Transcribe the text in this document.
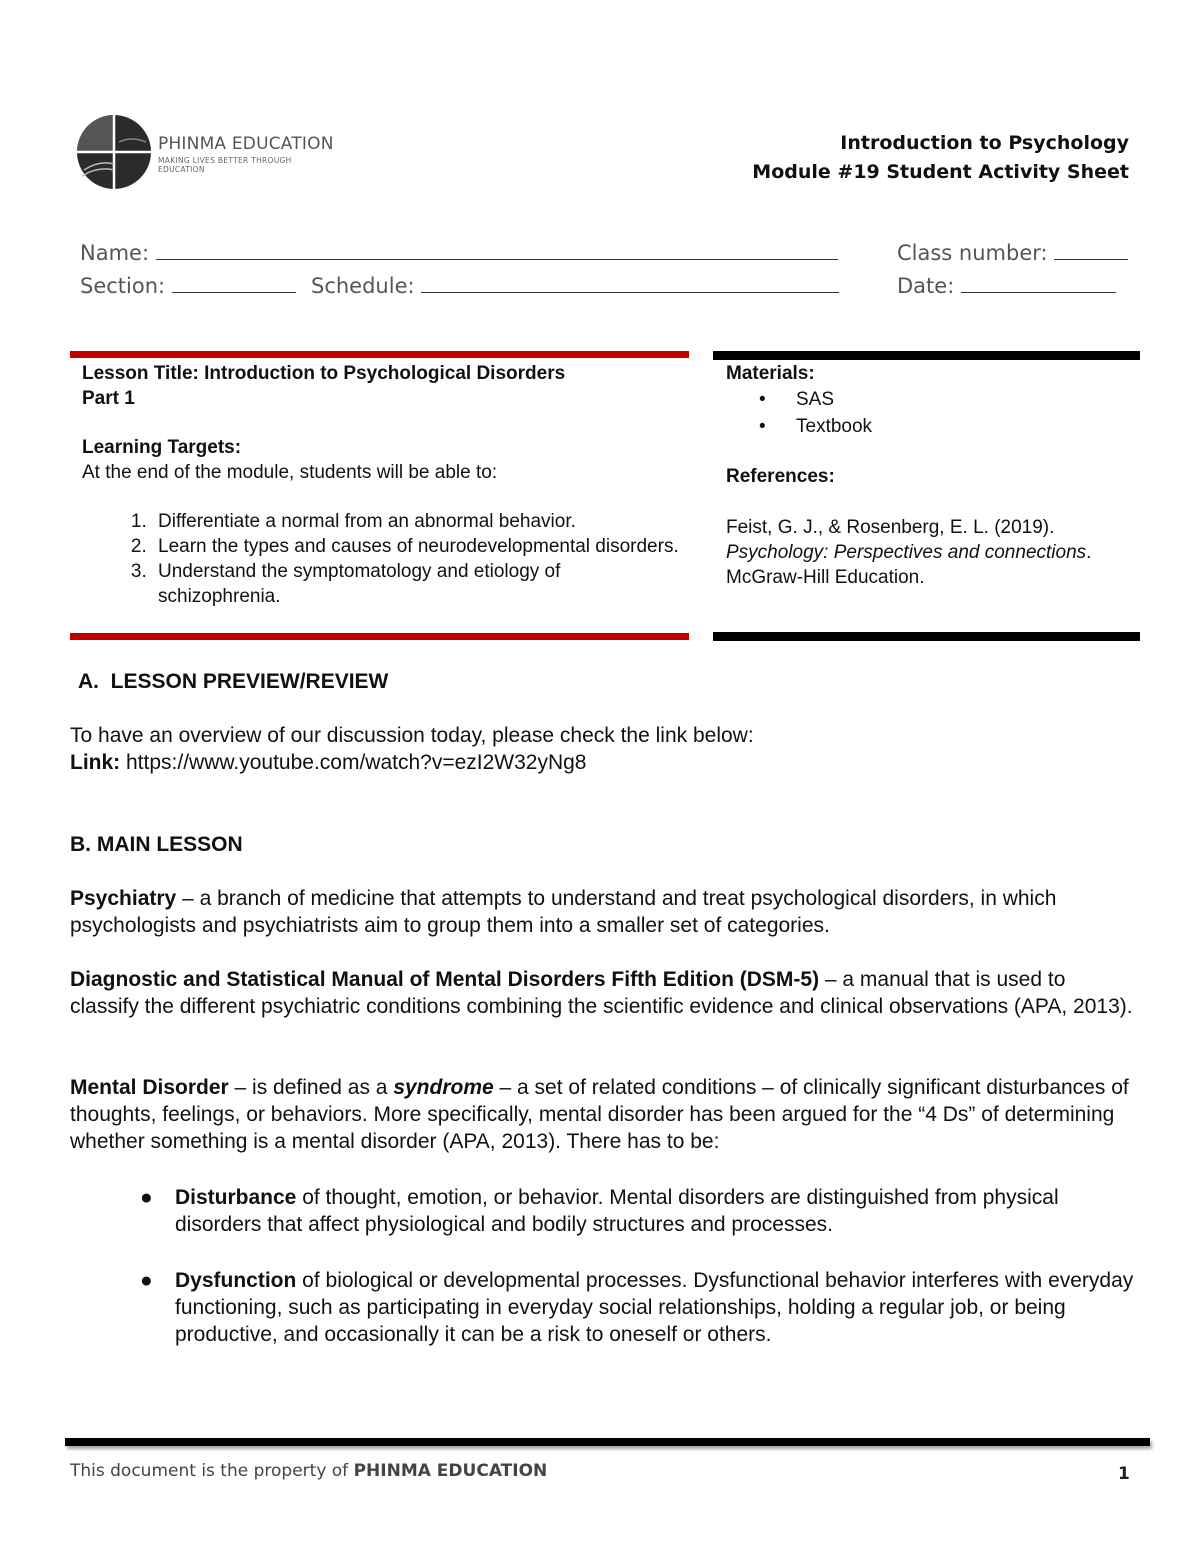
PHINMA EDUCATION
MAKING LIVES BETTER THROUGH EDUCATION
Introduction to Psychology
Module #19 Student Activity Sheet
Name:	Class number:
Section:	Schedule:	Date:
Lesson Title: Introduction to Psychological Disorders
Part 1
Learning Targets:
At the end of the module, students will be able to:
1. Differentiate a normal from an abnormal behavior.
2. Learn the types and causes of neurodevelopmental disorders.
3. Understand the symptomatology and etiology of schizophrenia.
Materials:
• SAS
• Textbook
References:
Feist, G. J., & Rosenberg, E. L. (2019).
Psychology: Perspectives and connections. McGraw-Hill Education.
A. LESSON PREVIEW/REVIEW
To have an overview of our discussion today, please check the link below:
Link: https://www.youtube.com/watch?v=ezI2W32yNg8
B. MAIN LESSON
Psychiatry – a branch of medicine that attempts to understand and treat psychological disorders, in which psychologists and psychiatrists aim to group them into a smaller set of categories.
Diagnostic and Statistical Manual of Mental Disorders Fifth Edition (DSM-5) – a manual that is used to classify the different psychiatric conditions combining the scientific evidence and clinical observations (APA, 2013).
Mental Disorder – is defined as a syndrome – a set of related conditions – of clinically significant disturbances of thoughts, feelings, or behaviors. More specifically, mental disorder has been argued for the “4 Ds” of determining whether something is a mental disorder (APA, 2013). There has to be:
● Disturbance of thought, emotion, or behavior. Mental disorders are distinguished from physical disorders that affect physiological and bodily structures and processes.
● Dysfunction of biological or developmental processes. Dysfunctional behavior interferes with everyday functioning, such as participating in everyday social relationships, holding a regular job, or being productive, and occasionally it can be a risk to oneself or others.
This document is the property of PHINMA EDUCATION	1
